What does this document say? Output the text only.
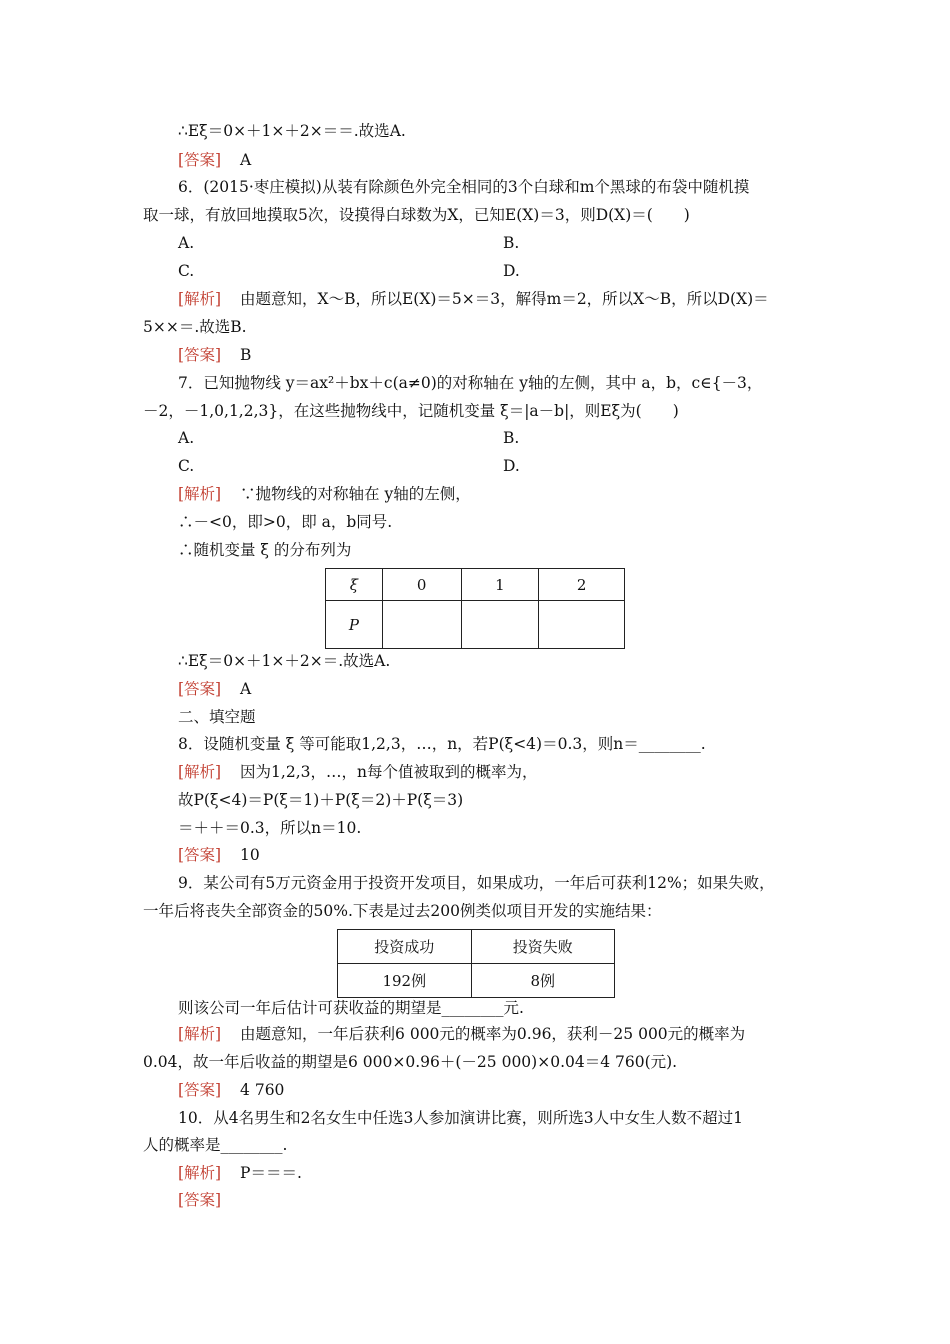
∴Eξ＝0×＋1×＋2×＝＝.故选A.
[答案] A
6．(2015·枣庄模拟)从装有除颜色外完全相同的3个白球和m个黑球的布袋中随机摸
取一球，有放回地摸取5次，设摸得白球数为X，已知E(X)＝3，则D(X)＝(　　)
A.	B.
C.	D.
[解析] 由题意知，X～B，所以E(X)＝5×＝3，解得m＝2，所以X～B，所以D(X)＝
5××＝.故选B.
[答案] B
7．已知抛物线 y＝ax²＋bx＋c(a≠0)的对称轴在 y轴的左侧，其中 a，b，c∈{－3，
－2，－1,0,1,2,3}，在这些抛物线中，记随机变量 ξ＝|a－b|，则Eξ为(　　)
A.	B.
C.	D.
[解析] ∵抛物线的对称轴在 y轴的左侧，
∴－<0，即>0，即 a，b同号.
∴随机变量 ξ 的分布列为
ξ	0	1	2
P			
∴Eξ＝0×＋1×＋2×＝.故选A.
[答案] A
二、填空题
8．设随机变量 ξ 等可能取1,2,3，…，n，若P(ξ<4)＝0.3，则n＝________.
[解析] 因为1,2,3，…，n每个值被取到的概率为，
故P(ξ<4)＝P(ξ＝1)＋P(ξ＝2)＋P(ξ＝3)
＝＋＋＝0.3，所以n＝10.
[答案] 10
9．某公司有5万元资金用于投资开发项目，如果成功，一年后可获利12%；如果失败，
一年后将丧失全部资金的50%.下表是过去200例类似项目开发的实施结果：
投资成功	投资失败
192例	8例
则该公司一年后估计可获收益的期望是________元.
[解析] 由题意知，一年后获利6 000元的概率为0.96，获利－25 000元的概率为
0.04，故一年后收益的期望是6 000×0.96＋(－25 000)×0.04＝4 760(元).
[答案] 4 760
10．从4名男生和2名女生中任选3人参加演讲比赛，则所选3人中女生人数不超过1
人的概率是________.
[解析] P＝＝＝.
[答案]
